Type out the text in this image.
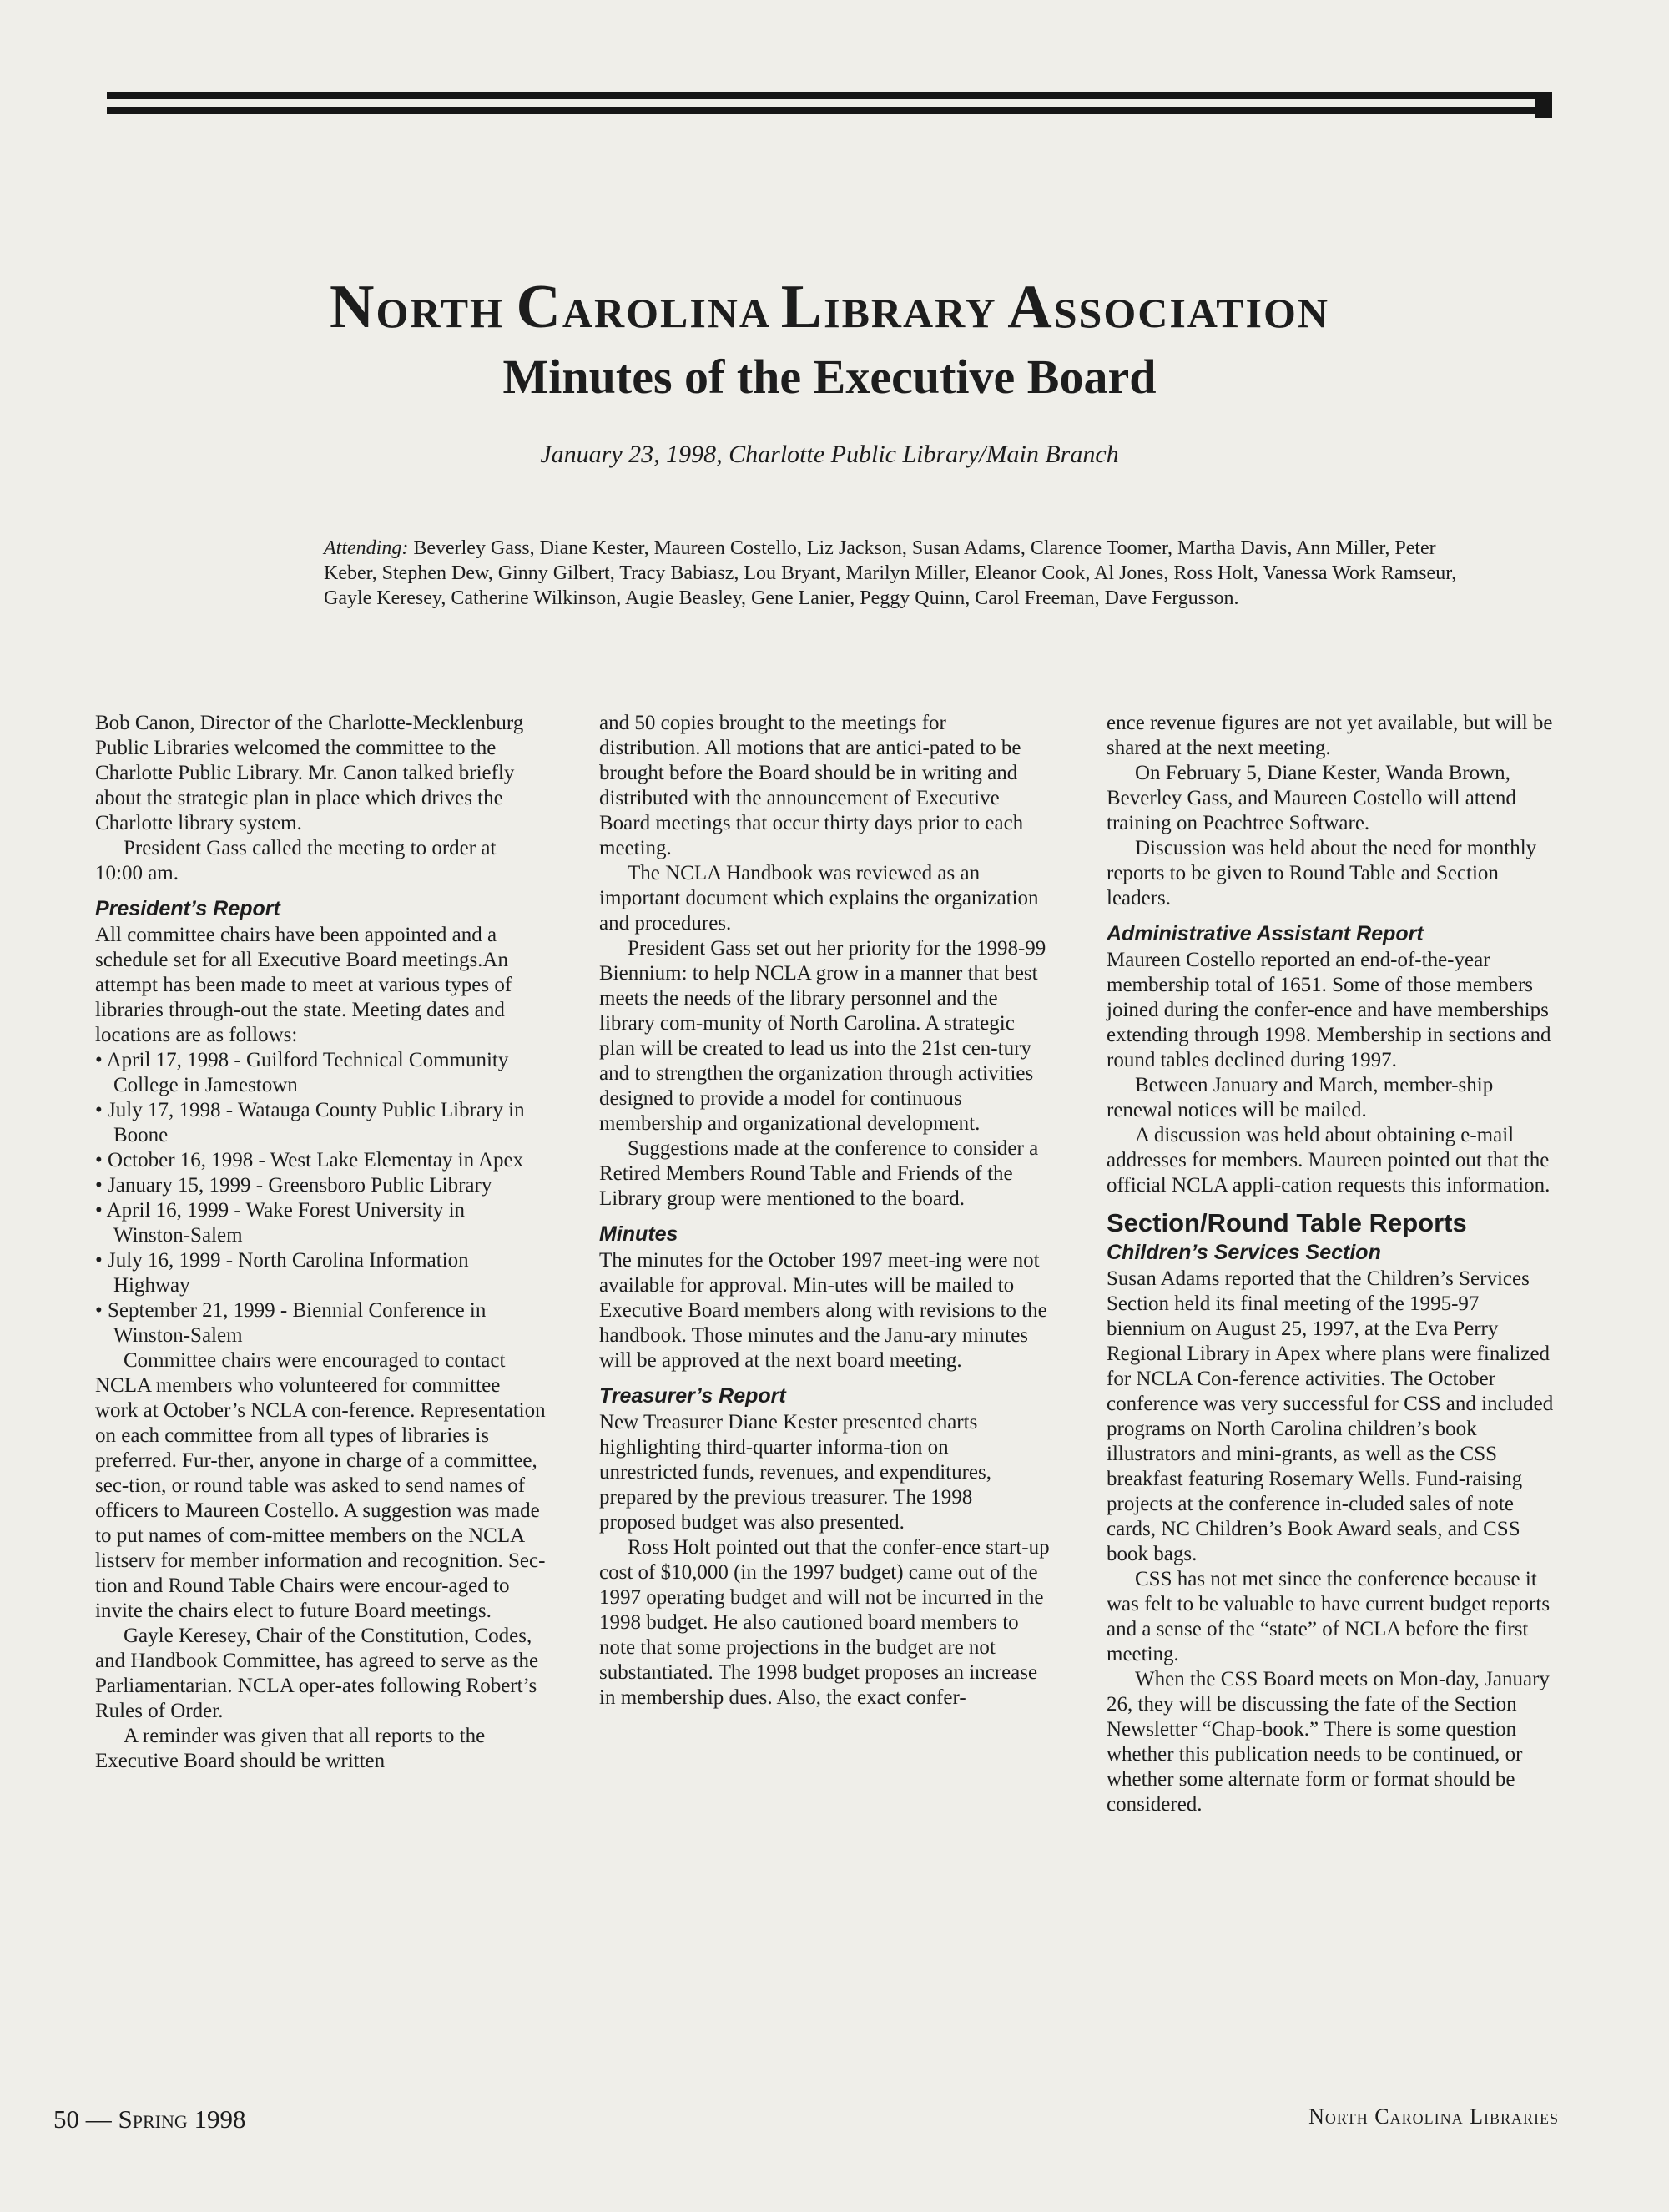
NORTH CAROLINA LIBRARY ASSOCIATION
Minutes of the Executive Board
January 23, 1998, Charlotte Public Library/Main Branch
Attending: Beverley Gass, Diane Kester, Maureen Costello, Liz Jackson, Susan Adams, Clarence Toomer, Martha Davis, Ann Miller, Peter Keber, Stephen Dew, Ginny Gilbert, Tracy Babiasz, Lou Bryant, Marilyn Miller, Eleanor Cook, Al Jones, Ross Holt, Vanessa Work Ramseur, Gayle Keresey, Catherine Wilkinson, Augie Beasley, Gene Lanier, Peggy Quinn, Carol Freeman, Dave Fergusson.

Bob Canon, Director of the Charlotte-Mecklenburg Public Libraries welcomed the committee to the Charlotte Public Library. Mr. Canon talked briefly about the strategic plan in place which drives the Charlotte library system.

President Gass called the meeting to order at 10:00 am.

President’s Report

All committee chairs have been appointed and a schedule set for all Executive Board meetings.An attempt has been made to meet at various types of libraries through-out the state. Meeting dates and locations are as follows:

• April 17, 1998 - Guilford Technical Community College in Jamestown
• July 17, 1998 - Watauga County Public Library in Boone
• October 16, 1998 - West Lake Elementay in Apex
• January 15, 1999 - Greensboro Public Library
• April 16, 1999 - Wake Forest University in Winston-Salem
• July 16, 1999 - North Carolina Information Highway
• September 21, 1999 - Biennial Conference in Winston-Salem

Committee chairs were encouraged to contact NCLA members who volunteered for committee work at October’s NCLA con-ference. Representation on each committee from all types of libraries is preferred. Fur-ther, anyone in charge of a committee, sec-tion, or round table was asked to send names of officers to Maureen Costello. A suggestion was made to put names of com-mittee members on the NCLA listserv for member information and recognition. Sec-tion and Round Table Chairs were encour-aged to invite the chairs elect to future Board meetings.

Gayle Keresey, Chair of the Constitution, Codes, and Handbook Committee, has agreed to serve as the Parliamentarian. NCLA oper-ates following Robert’s Rules of Order.

A reminder was given that all reports to the Executive Board should be written

and 50 copies brought to the meetings for distribution. All motions that are antici-pated to be brought before the Board should be in writing and distributed with the announcement of Executive Board meetings that occur thirty days prior to each meeting.

The NCLA Handbook was reviewed as an important document which explains the organization and procedures.

President Gass set out her priority for the 1998-99 Biennium: to help NCLA grow in a manner that best meets the needs of the library personnel and the library com-munity of North Carolina. A strategic plan will be created to lead us into the 21st cen-tury and to strengthen the organization through activities designed to provide a model for continuous membership and organizational development.

Suggestions made at the conference to consider a Retired Members Round Table and Friends of the Library group were mentioned to the board.

Minutes

The minutes for the October 1997 meet-ing were not available for approval. Min-utes will be mailed to Executive Board members along with revisions to the handbook. Those minutes and the Janu-ary minutes will be approved at the next board meeting.

Treasurer’s Report

New Treasurer Diane Kester presented charts highlighting third-quarter informa-tion on unrestricted funds, revenues, and expenditures, prepared by the previous treasurer. The 1998 proposed budget was also presented.

Ross Holt pointed out that the confer-ence start-up cost of $10,000 (in the 1997 budget) came out of the 1997 operating budget and will not be incurred in the 1998 budget. He also cautioned board members to note that some projections in the budget are not substantiated. The 1998 budget proposes an increase in membership dues. Also, the exact confer-

ence revenue figures are not yet available, but will be shared at the next meeting.

On February 5, Diane Kester, Wanda Brown, Beverley Gass, and Maureen Costello will attend training on Peachtree Software.

Discussion was held about the need for monthly reports to be given to Round Table and Section leaders.

Administrative Assistant Report

Maureen Costello reported an end-of-the-year membership total of 1651. Some of those members joined during the confer-ence and have memberships extending through 1998. Membership in sections and round tables declined during 1997.

Between January and March, member-ship renewal notices will be mailed.

A discussion was held about obtaining e-mail addresses for members. Maureen pointed out that the official NCLA appli-cation requests this information.

Section/Round Table Reports
Children’s Services Section

Susan Adams reported that the Children’s Services Section held its final meeting of the 1995-97 biennium on August 25, 1997, at the Eva Perry Regional Library in Apex where plans were finalized for NCLA Con-ference activities. The October conference was very successful for CSS and included programs on North Carolina children’s book illustrators and mini-grants, as well as the CSS breakfast featuring Rosemary Wells. Fund-raising projects at the conference in-cluded sales of note cards, NC Children’s Book Award seals, and CSS book bags.

CSS has not met since the conference because it was felt to be valuable to have current budget reports and a sense of the “state” of NCLA before the first meeting.

When the CSS Board meets on Mon-day, January 26, they will be discussing the fate of the Section Newsletter “Chap-book.” There is some question whether this publication needs to be continued, or whether some alternate form or format should be considered.

50 — Spring 1998	North Carolina Libraries
